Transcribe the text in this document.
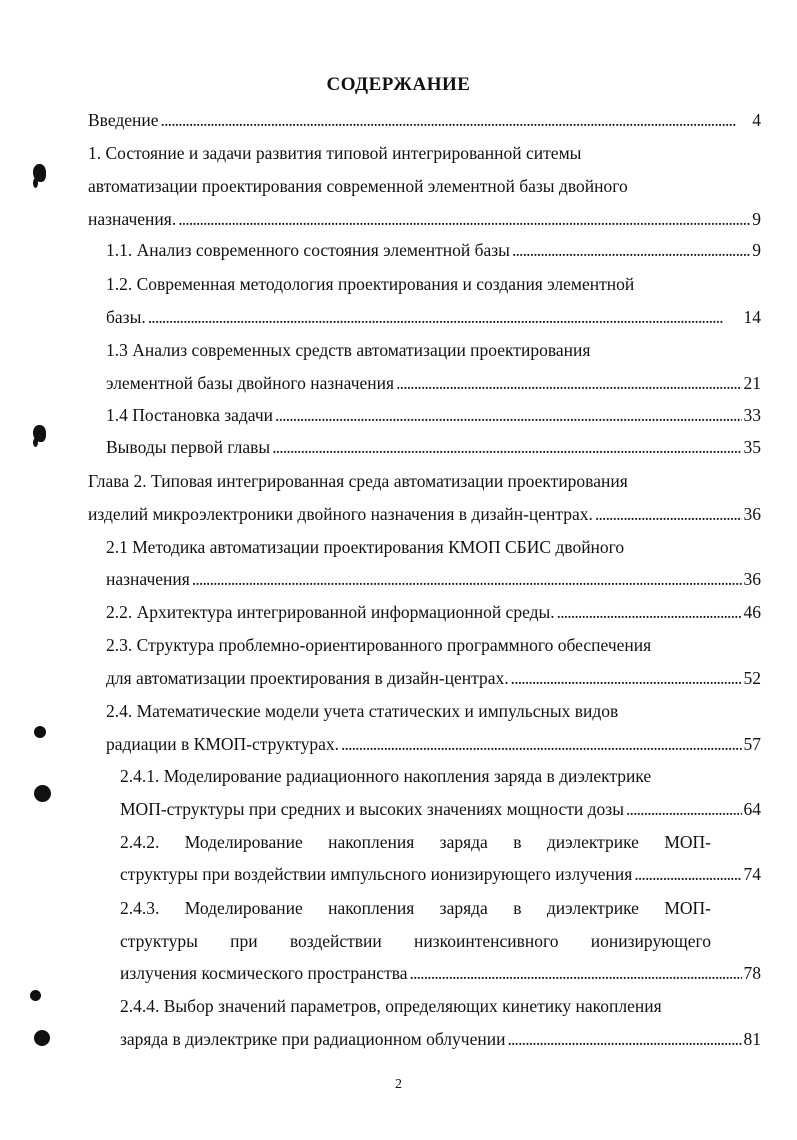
СОДЕРЖАНИЕ
Введение . . .	4
1. Состояние и задачи развития типовой интегрированной ситемы
автоматизации проектирования современной элементной базы двойного
назначения. . . .	9
1.1. Анализ современного состояния элементной базы . . .	9
1.2. Современная методология проектирования и создания элементной
базы. . . .	14
1.3 Анализ современных средств автоматизации проектирования
элементной базы двойного назначения . . .	21
1.4 Постановка задачи . . .	33
Выводы первой главы . . .	35
Глава 2. Типовая интегрированная среда автоматизации проектирования
изделий микроэлектроники двойного назначения в дизайн-центрах. . . .	36
2.1 Методика автоматизации проектирования КМОП СБИС двойного
назначения . . .	36
2.2. Архитектура интегрированной информационной среды. . . .	46
2.3. Структура проблемно-ориентированного программного обеспечения
для автоматизации проектирования в дизайн-центрах. . . .	52
2.4. Математические модели учета статических и импульсных видов
радиации в КМОП-структурах. . . .	57
2.4.1. Моделирование радиационного накопления заряда в диэлектрике
МОП-структуры при средних и высоких значениях мощности дозы . . .	64
2.4.2. Моделирование накопления заряда в диэлектрике МОП-
структуры при воздействии импульсного ионизирующего излучения . . .	74
2.4.3. Моделирование накопления заряда в диэлектрике МОП-
структуры при воздействии низкоинтенсивного ионизирующего
излучения космического пространства . . .	78
2.4.4. Выбор значений параметров, определяющих кинетику накопления
заряда в диэлектрике при радиационном облучении . . .	81
2
